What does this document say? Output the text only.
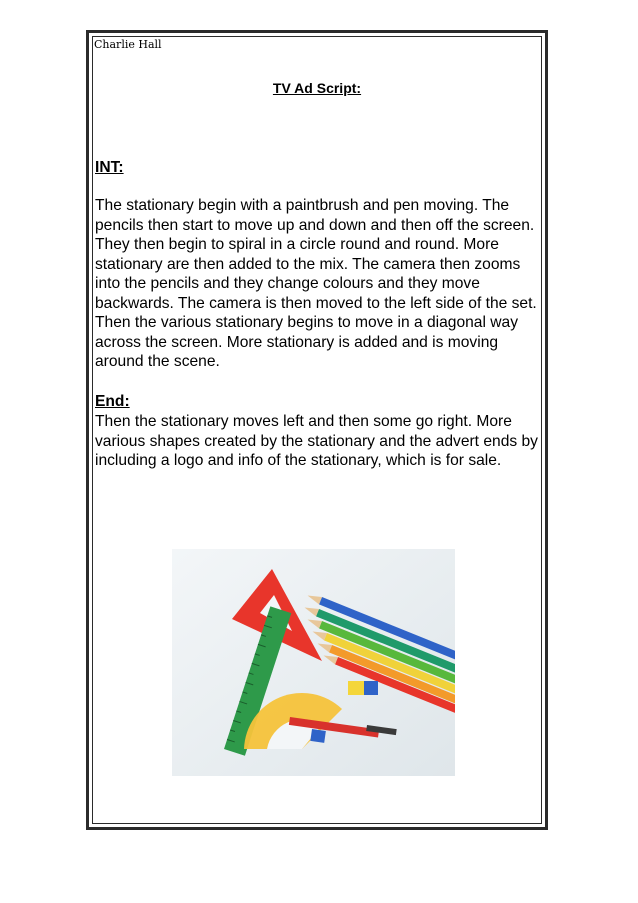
Charlie Hall
TV Ad Script:
INT:
The stationary begin with a paintbrush and pen moving. The pencils then start to move up and down and then off the screen. They then begin to spiral in a circle round and round. More stationary are then added to the mix. The camera then zooms into the pencils and they change colours and they move backwards. The camera is then moved to the left side of the set. Then the various stationary begins to move in a diagonal way across the screen. More stationary is added and is moving around the scene.
End:
Then the stationary moves left and then some go right. More various shapes created by the stationary and the advert ends by including a logo and info of the stationary, which is for sale.
